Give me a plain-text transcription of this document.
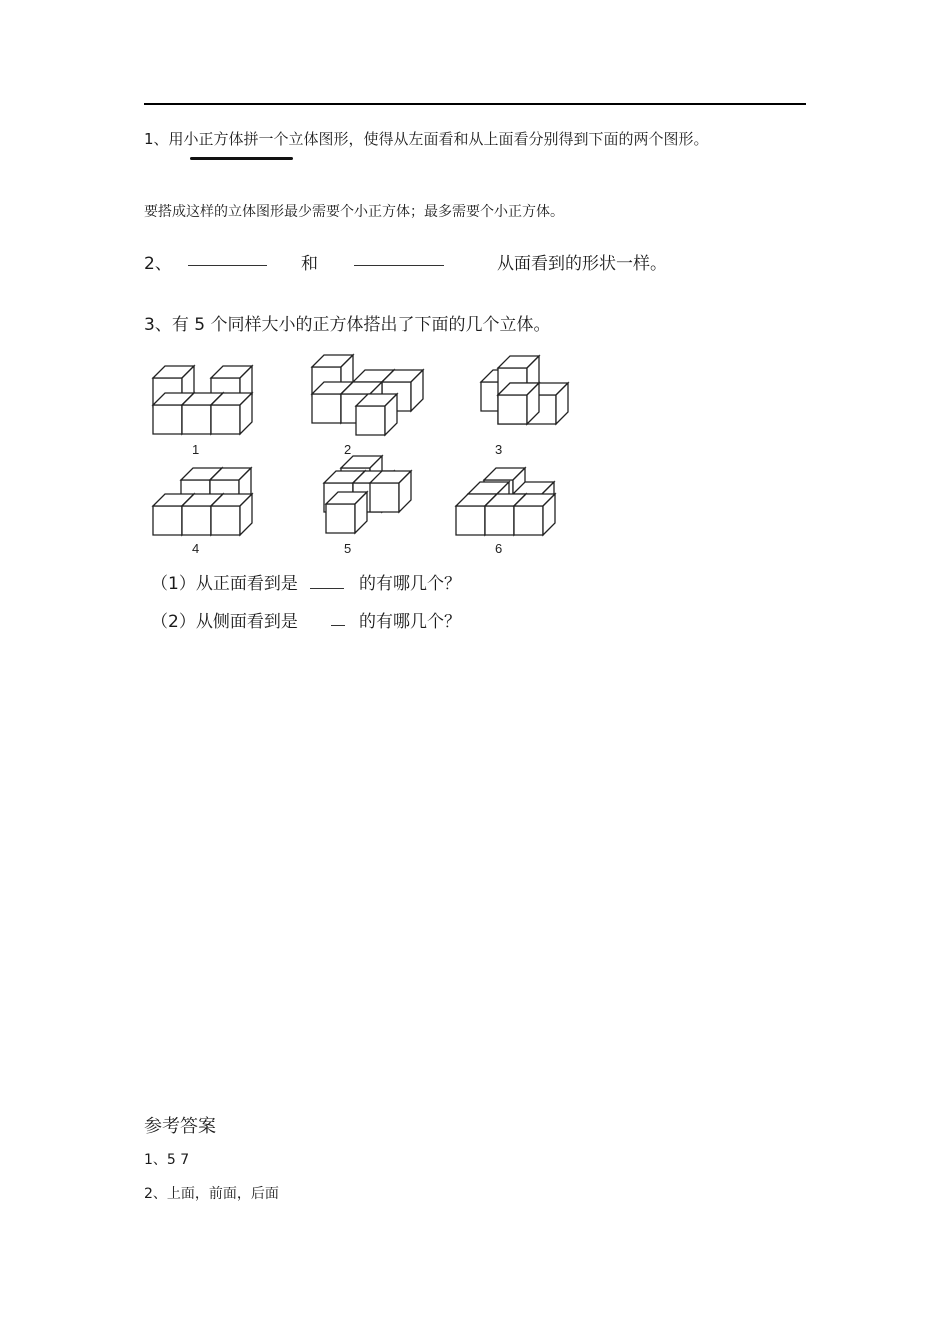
1、用小正方体拼一个立体图形，使得从左面看和从上面看分别得到下面的两个图形。
要搭成这样的立体图形最少需要个小正方体；最多需要个小正方体。
2、	和	从面看到的形状一样。
3、有 5 个同样大小的正方体搭出了下面的几个立体。
1	2	3
4	5	6
（1）从正面看到是	的有哪几个？
（2）从侧面看到是	的有哪几个？
参考答案
1、5 7
2、上面，前面，后面
